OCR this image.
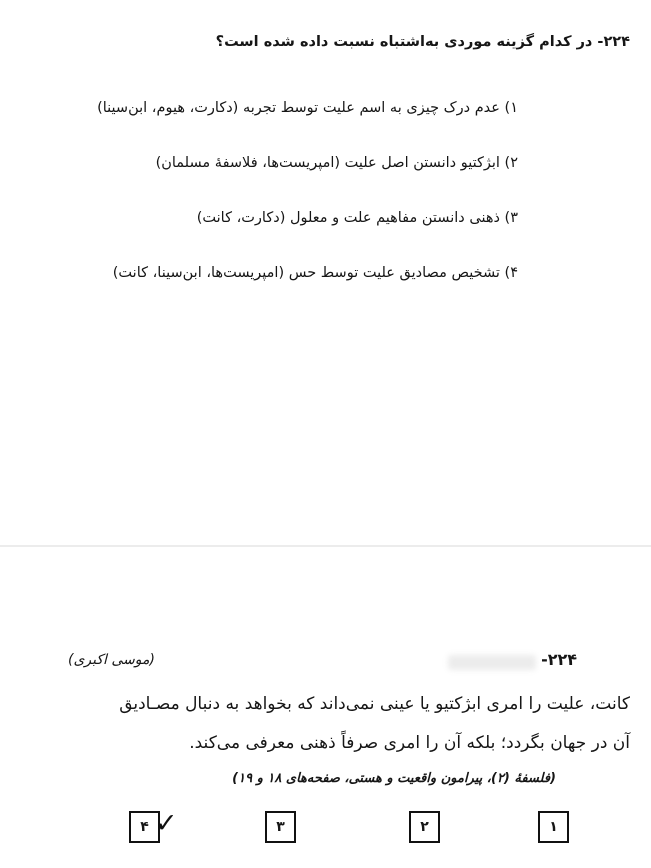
۲۲۴- در کدام گزینه موردی به‌اشتباه نسبت داده شده است؟
۱) عدم درک چیزی به اسم علیت توسط تجربه (دکارت، هیوم، ابن‌سینا)
۲) ابژکتیو دانستن اصل علیت (امپریست‌ها، فلاسفهٔ مسلمان)
۳) ذهنی دانستن مفاهیم علت و معلول (دکارت، کانت)
۴) تشخیص مصادیق علیت توسط حس (امپریست‌ها، ابن‌سینا، کانت)
۲۲۴-
(موسی اکبری)
کانت، علیت را امری ابژکتیو یا عینی نمی‌داند که بخواهد به دنبال مصـادیق
آن در جهان بگردد؛ بلکه آن را امری صرفاً ذهنی معرفی می‌کند.
(فلسفهٔ (۲)، پیرامون واقعیت و هستی، صفحه‌های ۱۸ و ۱۹)
۱
۲
۳
۴ ✓
